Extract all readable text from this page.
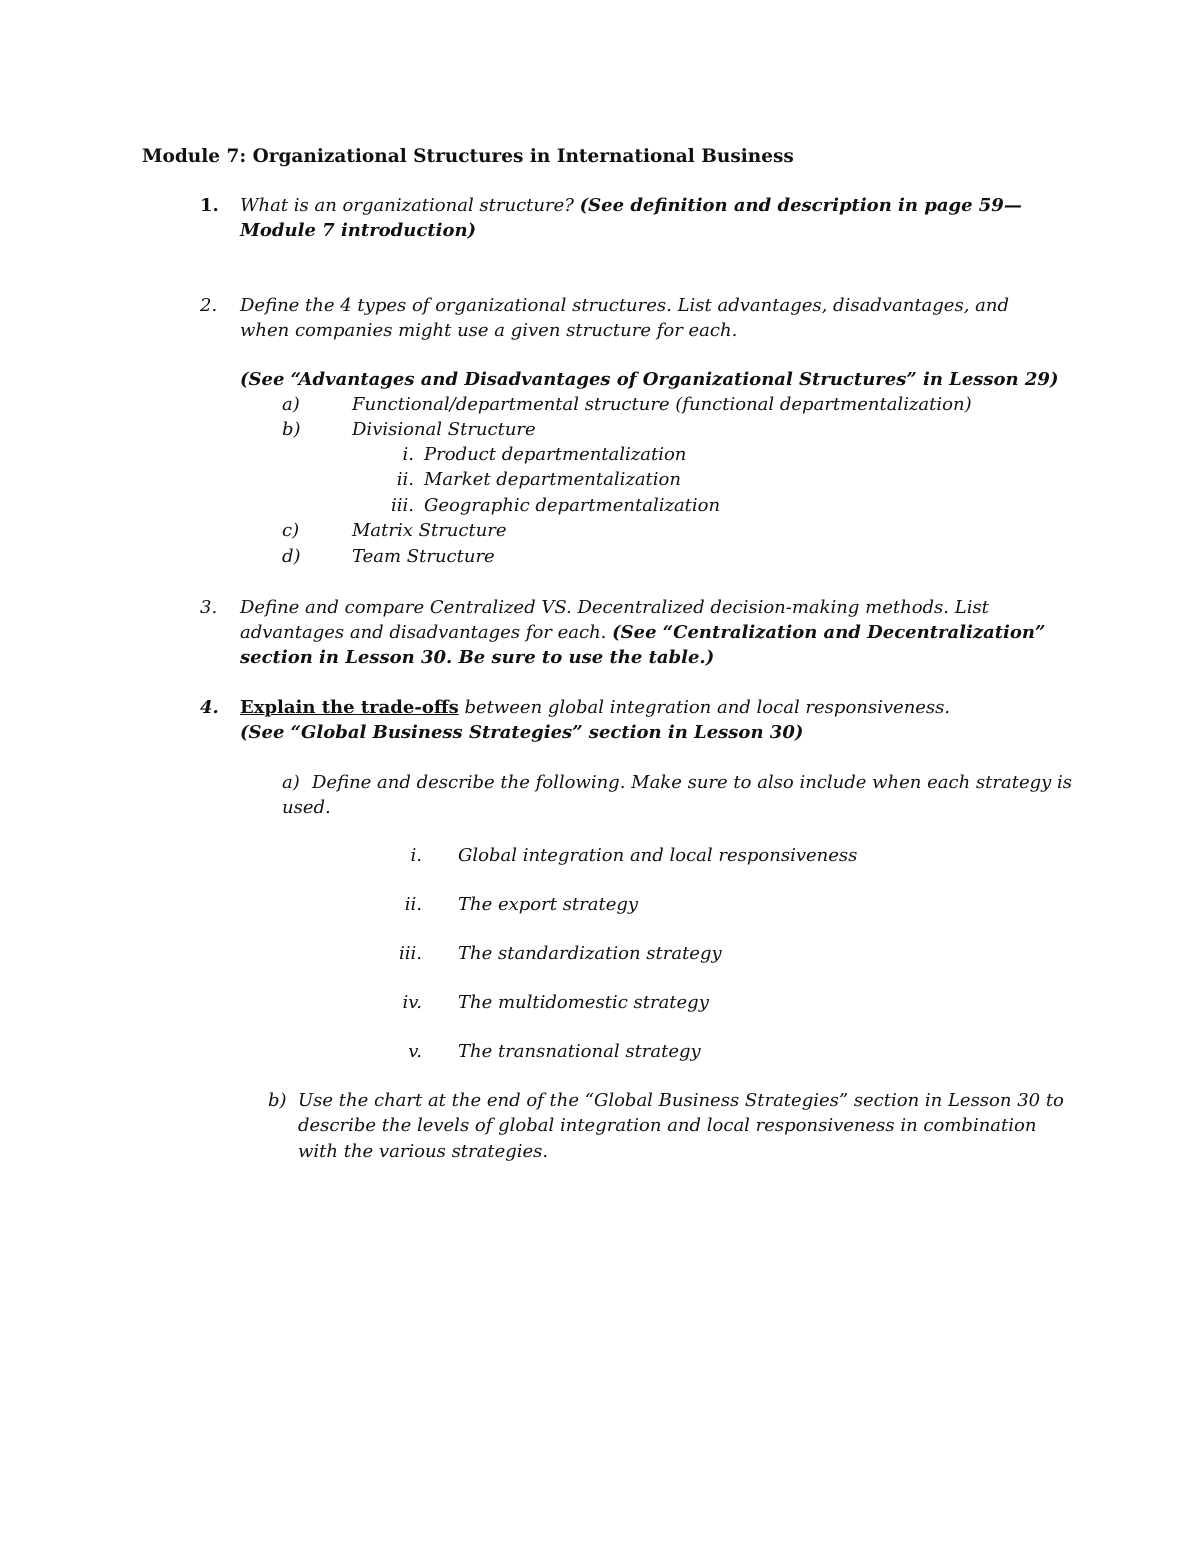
Module 7: Organizational Structures in International Business
1. What is an organizational structure? (See definition and description in page 59—
Module 7 introduction)
2. Define the 4 types of organizational structures. List advantages, disadvantages, and
when companies might use a given structure for each.
(See “Advantages and Disadvantages of Organizational Structures” in Lesson 29)
a)	Functional/departmental structure (functional departmentalization)
b)	Divisional Structure
i. Product departmentalization
ii. Market departmentalization
iii. Geographic departmentalization
c)	Matrix Structure
d)	Team Structure
3. Define and compare Centralized VS. Decentralized decision-making methods. List
advantages and disadvantages for each. (See “Centralization and Decentralization”
section in Lesson 30. Be sure to use the table.)
4. Explain the trade-offs between global integration and local responsiveness.
(See “Global Business Strategies” section in Lesson 30)
a) Define and describe the following. Make sure to also include when each strategy is
used.
i. Global integration and local responsiveness
ii. The export strategy
iii. The standardization strategy
iv. The multidomestic strategy
v. The transnational strategy
b) Use the chart at the end of the “Global Business Strategies” section in Lesson 30 to
describe the levels of global integration and local responsiveness in combination
with the various strategies.
